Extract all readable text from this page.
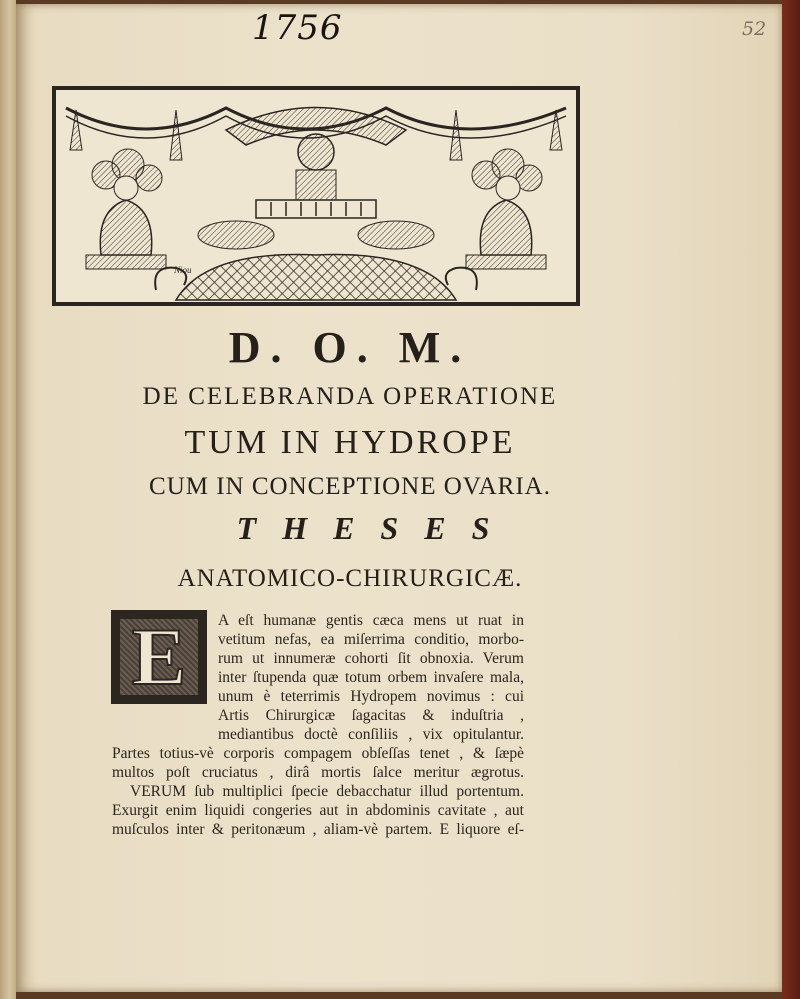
1756	52
Niou
D. O. M.
DE CELEBRANDA OPERATIONE
TUM IN HYDROPE
CUM IN CONCEPTIONE OVARIA.
THESES
ANATOMICO-CHIRURGICÆ.
E	A eſt humanæ gentis cæca mens ut ruat in
vetitum nefas, ea miſerrima conditio, morbo-
rum ut innumeræ cohorti ſit obnoxia. Verum
inter ſtupenda quæ totum orbem invaſere mala,
unum è teterrimis Hydropem novimus : cui
Artis Chirurgicæ ſagacitas & induſtria ,
mediantibus doctè conſiliis , vix opitulantur.
Partes totius-vè corporis compagem obſeſſas tenet , & ſæpè
multos poſt cruciatus , dirâ mortis ſalce meritur ægrotus.
VERUM ſub multiplici ſpecie debacchatur illud portentum.
Exurgit enim liquidi congeries aut in abdominis cavitate , aut
muſculos inter & peritonæum , aliam-vè partem. E liquore eſ-
